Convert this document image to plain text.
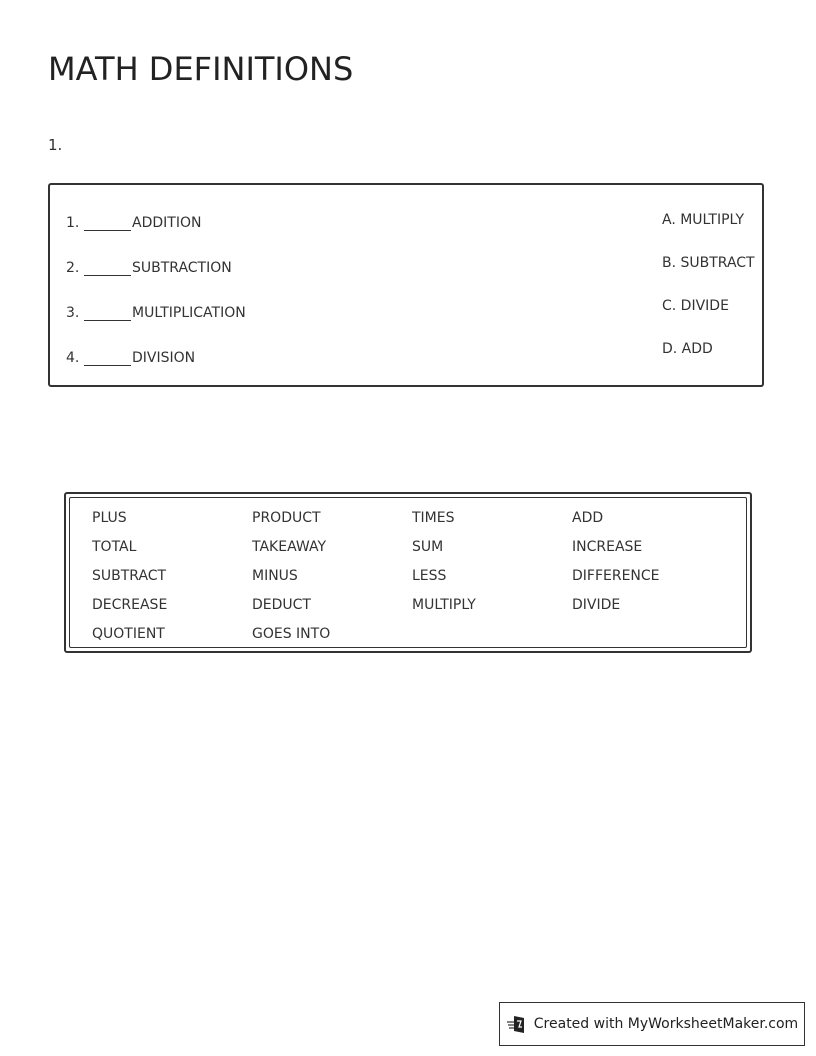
MATH DEFINITIONS
1.
1.	ADDITION
2.	SUBTRACTION
3.	MULTIPLICATION
4.	DIVISION
A. MULTIPLY
B. SUBTRACT
C. DIVIDE
D. ADD
PLUS	PRODUCT	TIMES	ADD
TOTAL	TAKEAWAY	SUM	INCREASE
SUBTRACT	MINUS	LESS	DIFFERENCE
DECREASE	DEDUCT	MULTIPLY	DIVIDE
QUOTIENT	GOES INTO
Created with MyWorksheetMaker.com
